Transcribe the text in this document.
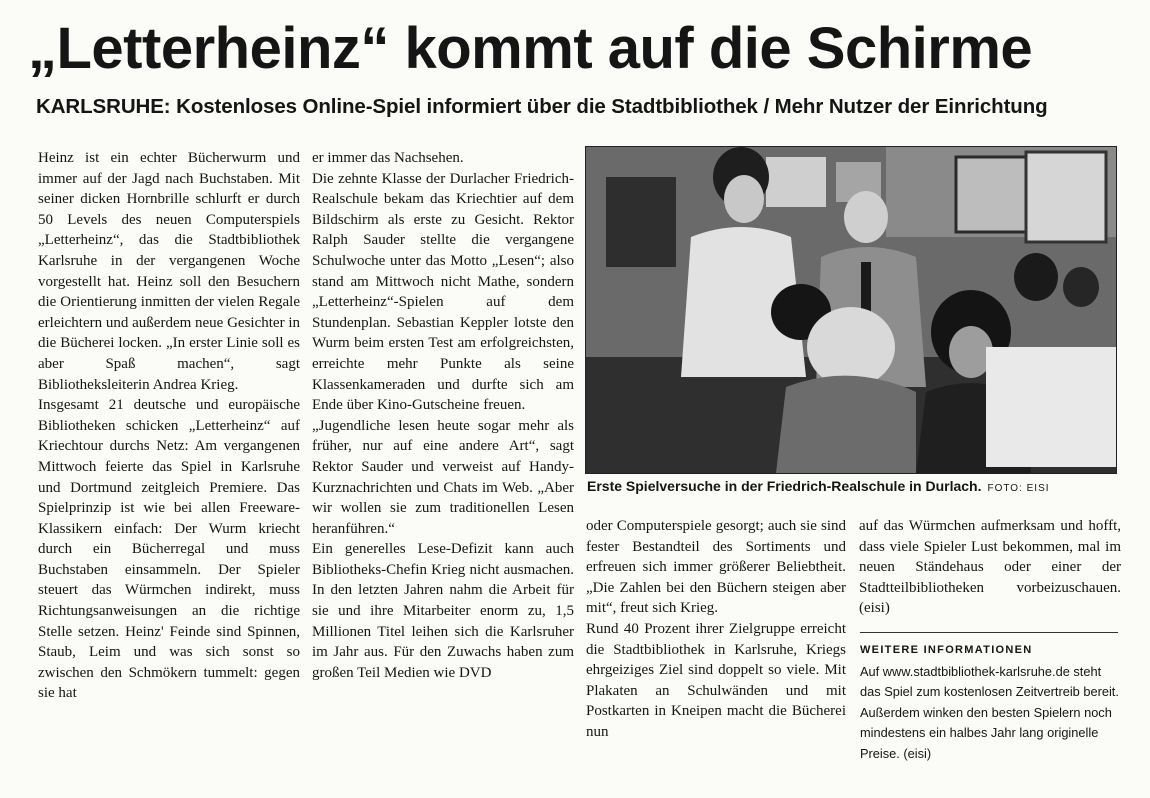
„Letterheinz“ kommt auf die Schirme
KARLSRUHE: Kostenloses Online-Spiel informiert über die Stadtbibliothek / Mehr Nutzer der Einrichtung

Heinz ist ein echter Bücherwurm und immer auf der Jagd nach Buchstaben. Mit seiner dicken Hornbrille schlurft er durch 50 Levels des neuen Computerspiels „Letterheinz“, das die Stadtbibliothek Karlsruhe in der vergangenen Woche vorgestellt hat. Heinz soll den Besuchern die Orientierung inmitten der vielen Regale erleichtern und außerdem neue Gesichter in die Bücherei locken. „In erster Linie soll es aber Spaß machen“, sagt Bibliotheksleiterin Andrea Krieg.

Insgesamt 21 deutsche und europäische Bibliotheken schicken „Letterheinz“ auf Kriechtour durchs Netz: Am vergangenen Mittwoch feierte das Spiel in Karlsruhe und Dortmund zeitgleich Premiere. Das Spielprinzip ist wie bei allen Freeware-Klassikern einfach: Der Wurm kriecht durch ein Bücherregal und muss Buchstaben einsammeln. Der Spieler steuert das Würmchen indirekt, muss Richtungsanweisungen an die richtige Stelle setzen. Heinz' Feinde sind Spinnen, Staub, Leim und was sich sonst so zwischen den Schmökern tummelt: gegen sie hat

er immer das Nachsehen.

Die zehnte Klasse der Durlacher Friedrich-Realschule bekam das Kriechtier auf dem Bildschirm als erste zu Gesicht. Rektor Ralph Sauder stellte die vergangene Schulwoche unter das Motto „Lesen“; also stand am Mittwoch nicht Mathe, sondern „Letterheinz“-Spielen auf dem Stundenplan. Sebastian Keppler lotste den Wurm beim ersten Test am erfolgreichsten, erreichte mehr Punkte als seine Klassenkameraden und durfte sich am Ende über Kino-Gutscheine freuen.

„Jugendliche lesen heute sogar mehr als früher, nur auf eine andere Art“, sagt Rektor Sauder und verweist auf Handy-Kurznachrichten und Chats im Web. „Aber wir wollen sie zum traditionellen Lesen heranführen.“

Ein generelles Lese-Defizit kann auch Bibliotheks-Chefin Krieg nicht ausmachen. In den letzten Jahren nahm die Arbeit für sie und ihre Mitarbeiter enorm zu, 1,5 Millionen Titel leihen sich die Karlsruher im Jahr aus. Für den Zuwachs haben zum großen Teil Medien wie DVD

Erste Spielversuche in der Friedrich-Realschule in Durlach. FOTO: EISI

oder Computerspiele gesorgt; auch sie sind fester Bestandteil des Sortiments und erfreuen sich immer größerer Beliebtheit. „Die Zahlen bei den Büchern steigen aber mit“, freut sich Krieg.

Rund 40 Prozent ihrer Zielgruppe erreicht die Stadtbibliothek in Karlsruhe, Kriegs ehrgeiziges Ziel sind doppelt so viele. Mit Plakaten an Schulwänden und mit Postkarten in Kneipen macht die Bücherei nun

auf das Würmchen aufmerksam und hofft, dass viele Spieler Lust bekommen, mal im neuen Ständehaus oder einer der Stadtteilbibliotheken vorbeizuschauen. (eisi)

WEITERE INFORMATIONEN

Auf www.stadtbibliothek-karlsruhe.de steht das Spiel zum kostenlosen Zeitvertreib bereit. Außerdem winken den besten Spielern noch mindestens ein halbes Jahr lang originelle Preise. (eisi)
